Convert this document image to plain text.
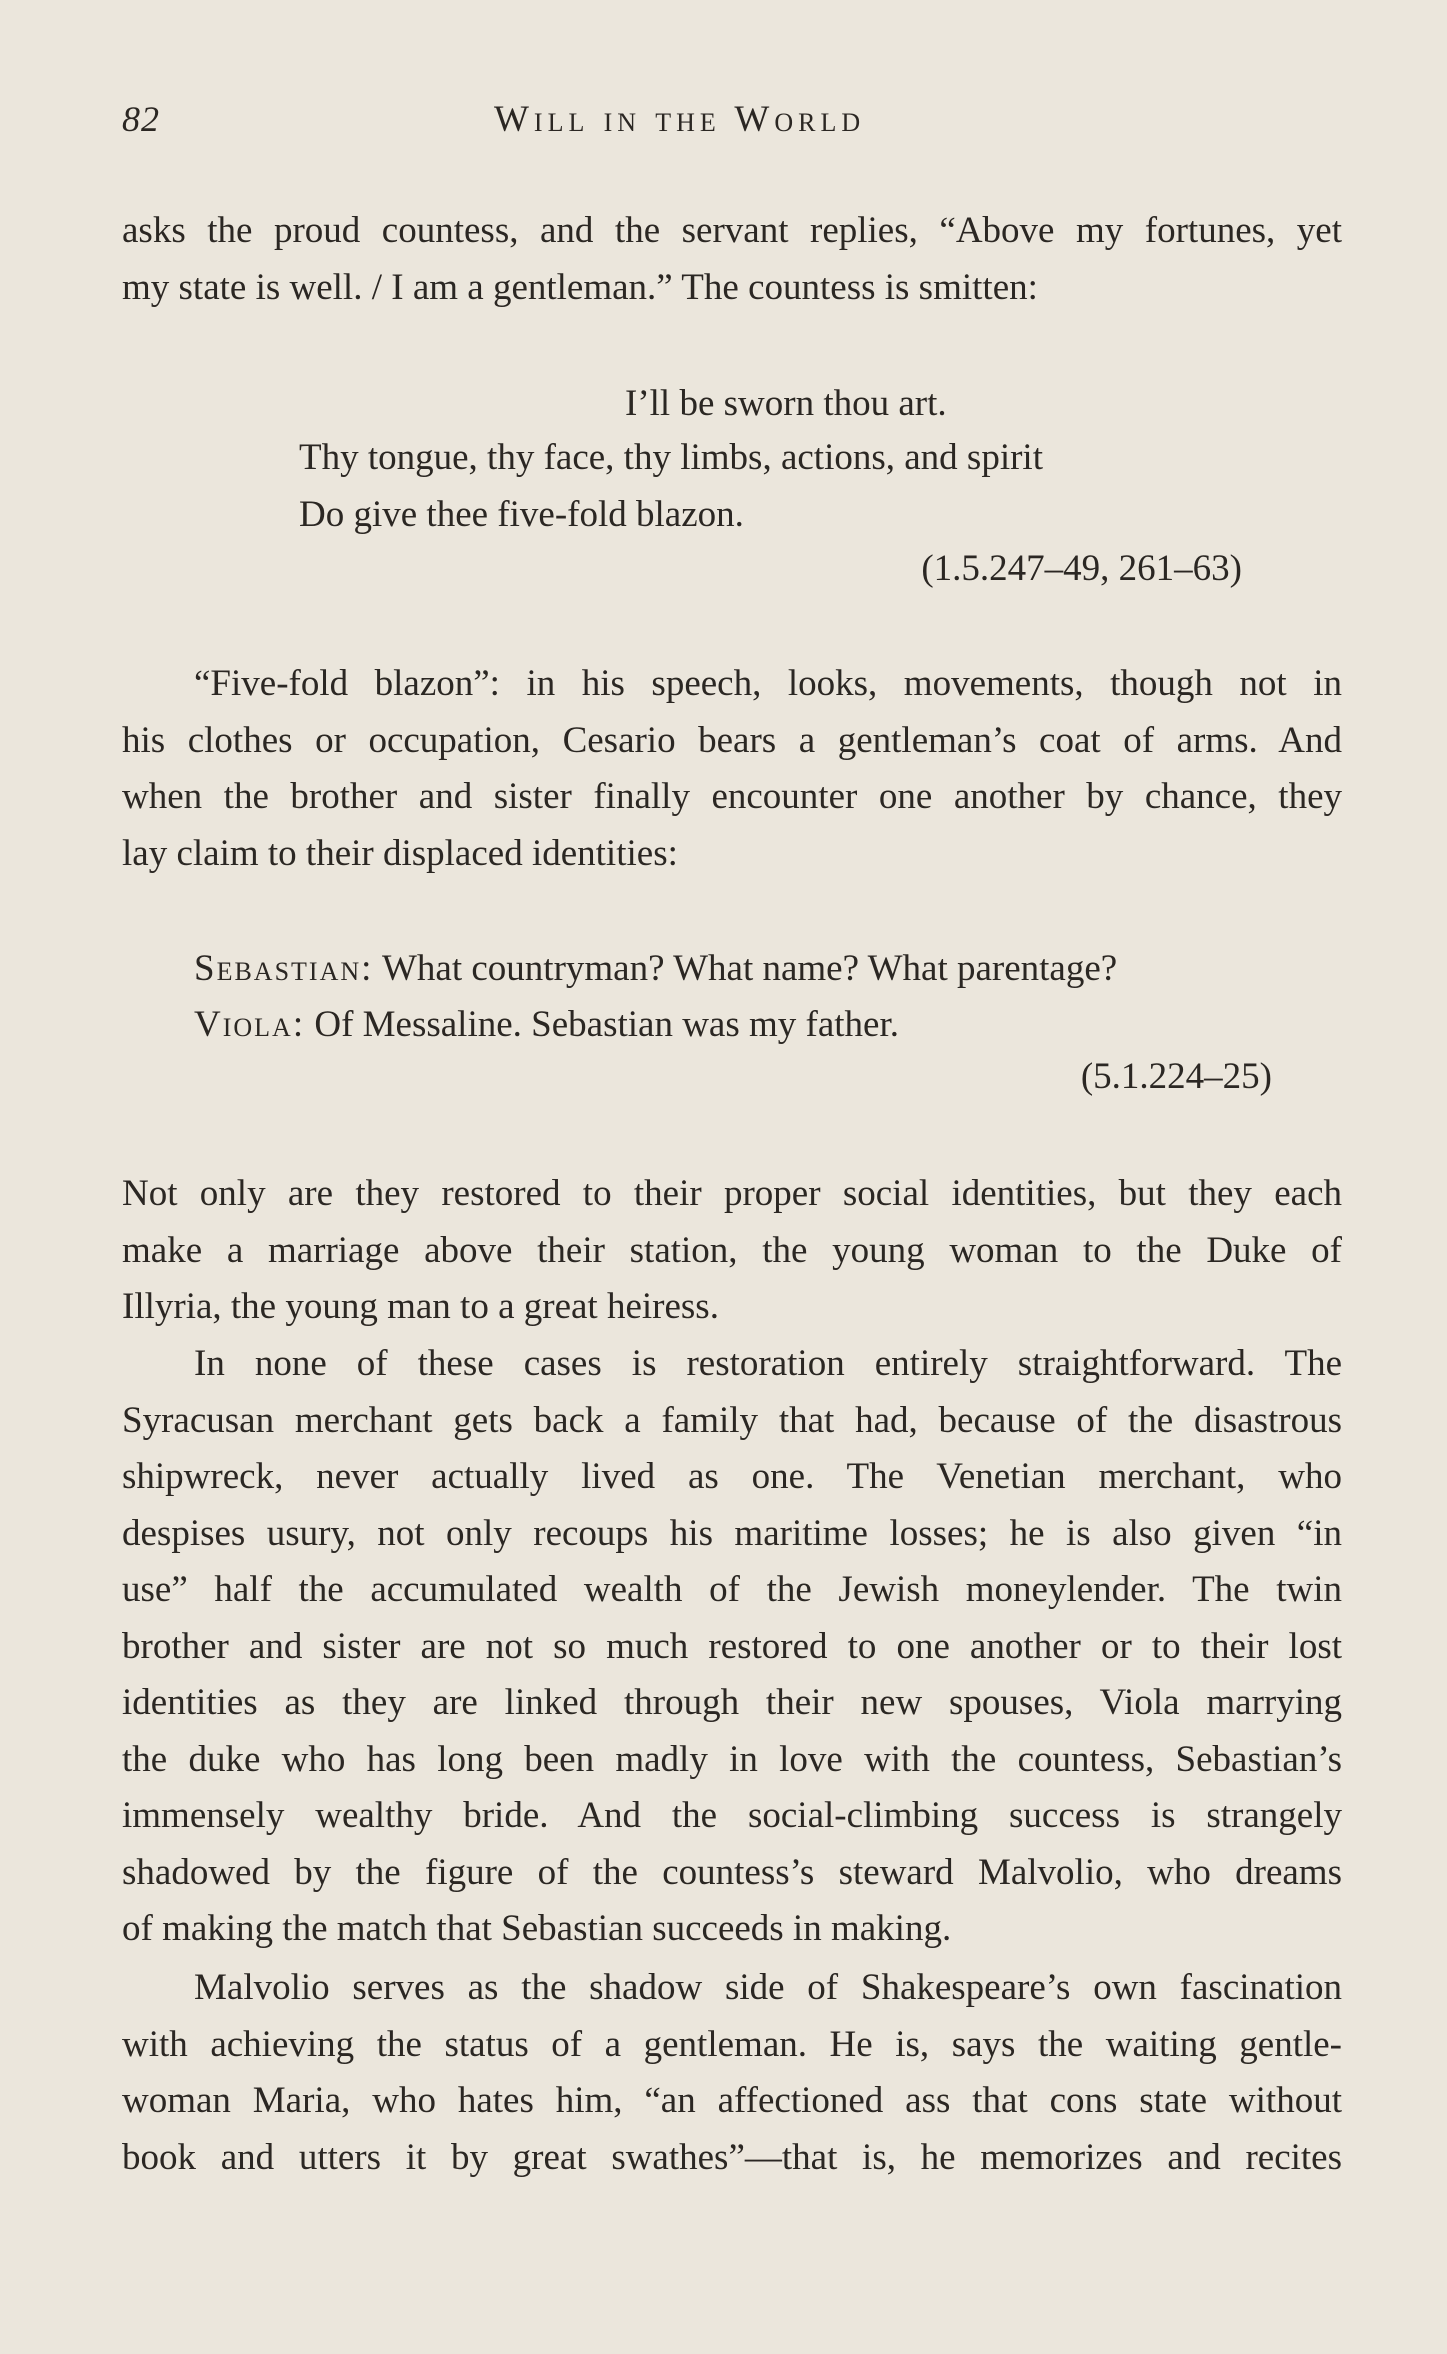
82	Will in the World

asks the proud countess, and the servant replies, “Above my fortunes, yet
my state is well. / I am a gentleman.” The countess is smitten:

I’ll be sworn thou art.

Thy tongue, thy face, thy limbs, actions, and spirit

Do give thee five-fold blazon.

(1.5.247–49, 261–63)

“Five-fold blazon”: in his speech, looks, movements, though not in
his clothes or occupation, Cesario bears a gentleman’s coat of arms. And
when the brother and sister finally encounter one another by chance, they
lay claim to their displaced identities:

Sebastian: What countryman? What name? What parentage?

Viola: Of Messaline. Sebastian was my father.

(5.1.224–25)

Not only are they restored to their proper social identities, but they each
make a marriage above their station, the young woman to the Duke of
Illyria, the young man to a great heiress.

In none of these cases is restoration entirely straightforward. The
Syracusan merchant gets back a family that had, because of the disastrous
shipwreck, never actually lived as one. The Venetian merchant, who
despises usury, not only recoups his maritime losses; he is also given “in
use” half the accumulated wealth of the Jewish moneylender. The twin
brother and sister are not so much restored to one another or to their lost
identities as they are linked through their new spouses, Viola marrying
the duke who has long been madly in love with the countess, Sebastian’s
immensely wealthy bride. And the social-climbing success is strangely
shadowed by the figure of the countess’s steward Malvolio, who dreams
of making the match that Sebastian succeeds in making.

Malvolio serves as the shadow side of Shakespeare’s own fascination
with achieving the status of a gentleman. He is, says the waiting gentle-
woman Maria, who hates him, “an affectioned ass that cons state without
book and utters it by great swathes”—that is, he memorizes and recites
